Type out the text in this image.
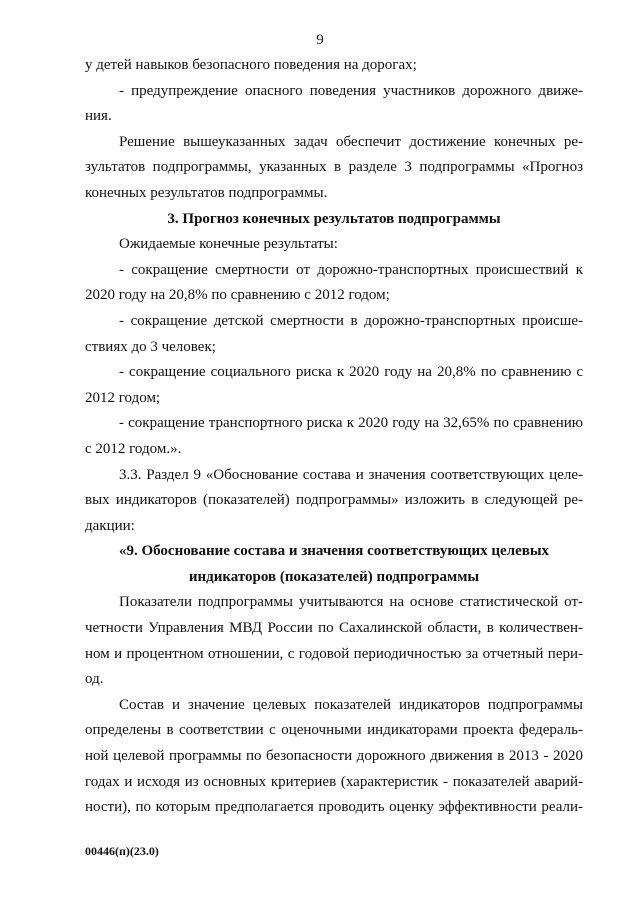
9
у детей навыков безопасного поведения на дорогах;
- предупреждение опасного поведения участников дорожного движе-
ния.
Решение вышеуказанных задач обеспечит достижение конечных ре-
зультатов подпрограммы, указанных в разделе 3 подпрограммы «Прогноз
конечных результатов подпрограммы.
3. Прогноз конечных результатов подпрограммы
Ожидаемые конечные результаты:
- сокращение смертности от дорожно-транспортных происшествий к
2020 году на 20,8% по сравнению с 2012 годом;
- сокращение детской смертности в дорожно-транспортных происше-
ствиях до 3 человек;
- сокращение социального риска к 2020 году на 20,8% по сравнению с
2012 годом;
- сокращение транспортного риска к 2020 году на 32,65% по сравнению
с 2012 годом.».
3.3. Раздел 9 «Обоснование состава и значения соответствующих целе-
вых индикаторов (показателей) подпрограммы» изложить в следующей ре-
дакции:
«9. Обоснование состава и значения соответствующих целевых
индикаторов (показателей) подпрограммы
Показатели подпрограммы учитываются на основе статистической от-
четности Управления МВД России по Сахалинской области, в количествен-
ном и процентном отношении, с годовой периодичностью за отчетный пери-
од.
Состав и значение целевых показателей индикаторов подпрограммы
определены в соответствии с оценочными индикаторами проекта федераль-
ной целевой программы по безопасности дорожного движения в 2013 - 2020
годах и исходя из основных критериев (характеристик - показателей аварий-
ности), по которым предполагается проводить оценку эффективности реали-
00446(п)(23.0)
